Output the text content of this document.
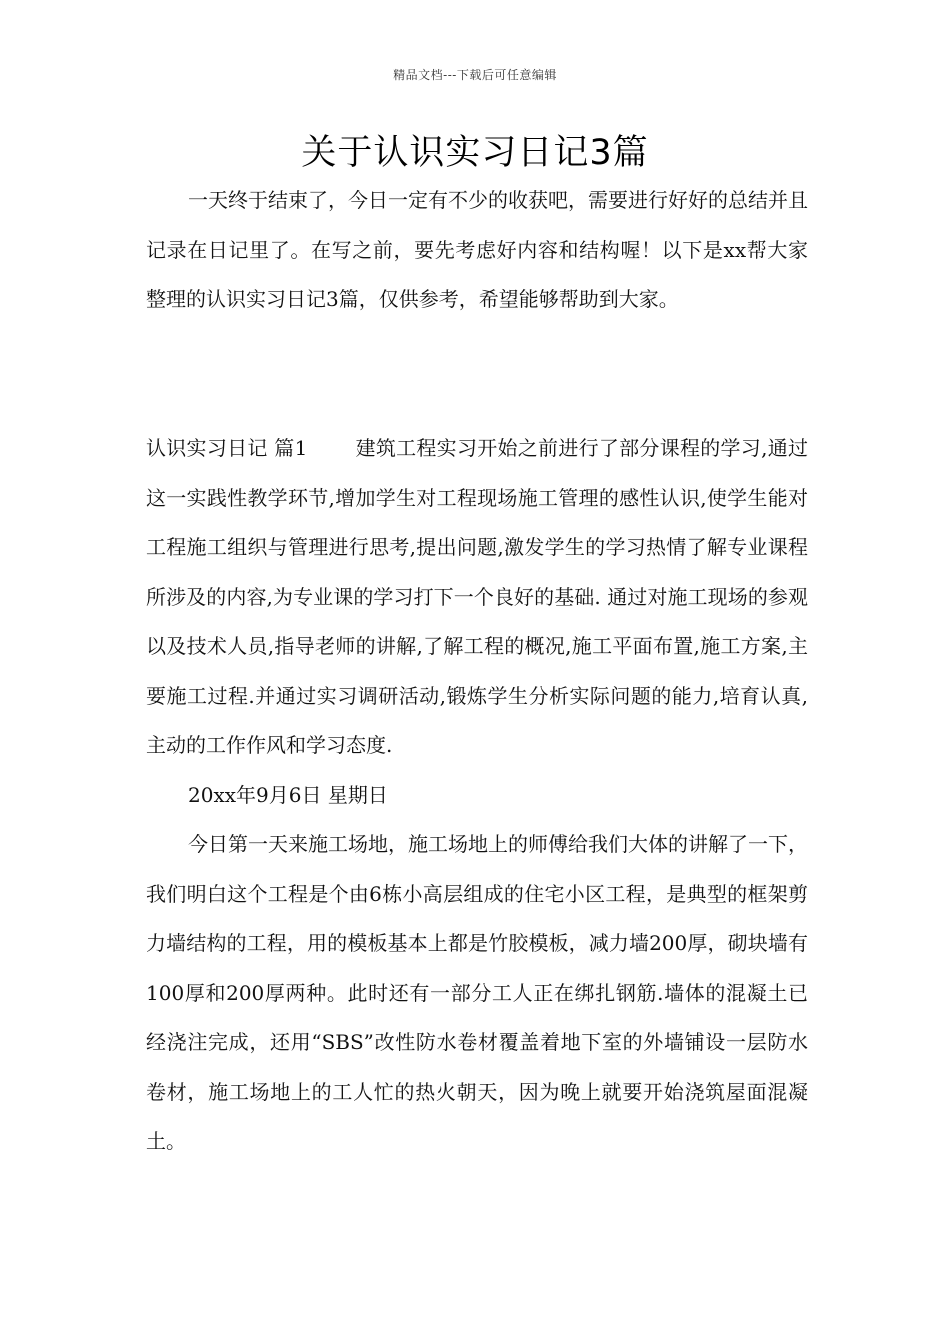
精品文档---下载后可任意编辑
关于认识实习日记3篇

一天终于结束了，今日一定有不少的收获吧，需要进行好好的总结并且记录在日记里了。在写之前，要先考虑好内容和结构喔！以下是xx帮大家整理的认识实习日记3篇，仅供参考，希望能够帮助到大家。

认识实习日记 篇1 建筑工程实习开始之前进行了部分课程的学习,通过这一实践性教学环节,增加学生对工程现场施工管理的感性认识,使学生能对工程施工组织与管理进行思考,提出问题,激发学生的学习热情了解专业课程所涉及的内容,为专业课的学习打下一个良好的基础. 通过对施工现场的参观以及技术人员,指导老师的讲解,了解工程的概况,施工平面布置,施工方案,主要施工过程.并通过实习调研活动,锻炼学生分析实际问题的能力,培育认真,主动的工作作风和学习态度.

20xx年9月6日 星期日

今日第一天来施工场地，施工场地上的师傅给我们大体的讲解了一下，我们明白这个工程是个由6栋小高层组成的住宅小区工程，是典型的框架剪力墙结构的工程，用的模板基本上都是竹胶模板，减力墙200厚，砌块墙有100厚和200厚两种。此时还有一部分工人正在绑扎钢筋.墙体的混凝土已经浇注完成，还用“SBS”改性防水卷材覆盖着地下室的外墙铺设一层防水卷材，施工场地上的工人忙的热火朝天，因为晚上就要开始浇筑屋面混凝土。
